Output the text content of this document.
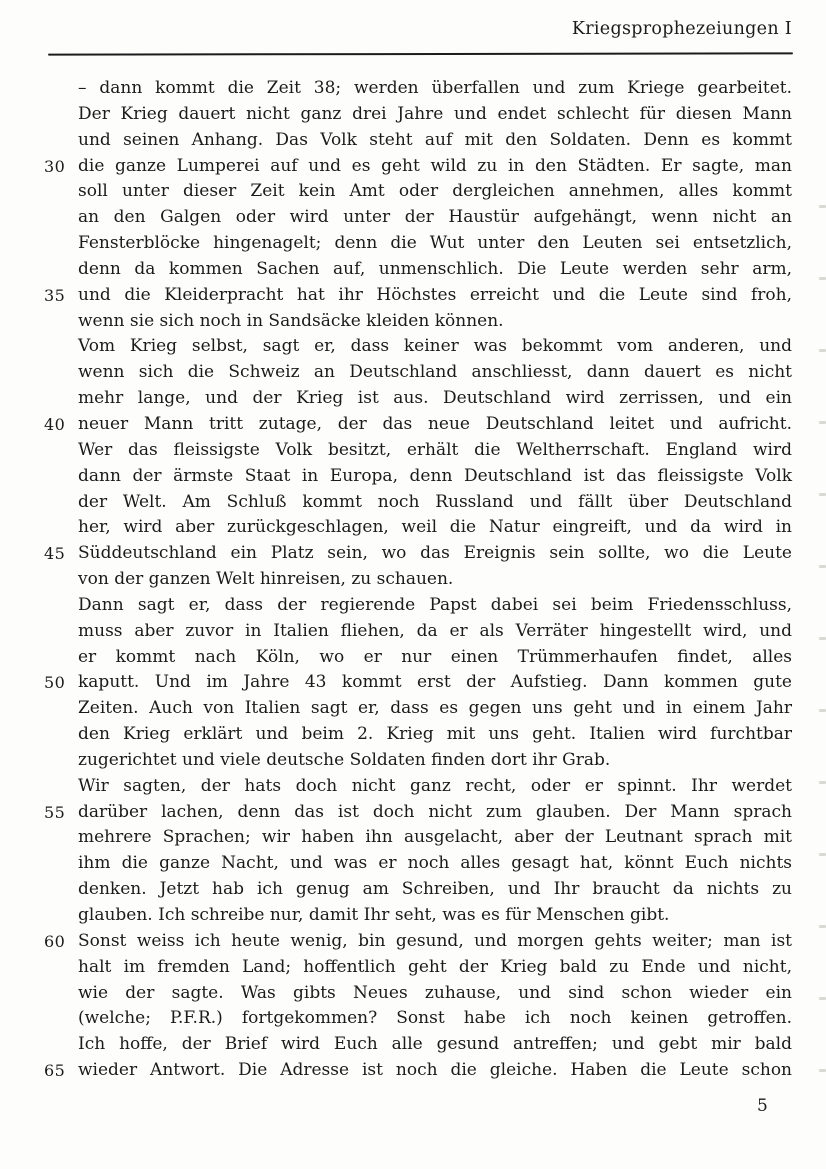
Kriegsprophezeiungen I
– dann kommt die Zeit 38; werden überfallen und zum Kriege gearbeitet.
Der Krieg dauert nicht ganz drei Jahre und endet schlecht für diesen Mann
und seinen Anhang. Das Volk steht auf mit den Soldaten. Denn es kommt
30 die ganze Lumperei auf und es geht wild zu in den Städten. Er sagte, man
soll unter dieser Zeit kein Amt oder dergleichen annehmen, alles kommt
an den Galgen oder wird unter der Haustür aufgehängt, wenn nicht an
Fensterblöcke hingenagelt; denn die Wut unter den Leuten sei entsetzlich,
denn da kommen Sachen auf, unmenschlich. Die Leute werden sehr arm,
35 und die Kleiderpracht hat ihr Höchstes erreicht und die Leute sind froh,
wenn sie sich noch in Sandsäcke kleiden können.
Vom Krieg selbst, sagt er, dass keiner was bekommt vom anderen, und
wenn sich die Schweiz an Deutschland anschliesst, dann dauert es nicht
mehr lange, und der Krieg ist aus. Deutschland wird zerrissen, und ein
40 neuer Mann tritt zutage, der das neue Deutschland leitet und aufricht.
Wer das fleissigste Volk besitzt, erhält die Weltherrschaft. England wird
dann der ärmste Staat in Europa, denn Deutschland ist das fleissigste Volk
der Welt. Am Schluß kommt noch Russland und fällt über Deutschland
her, wird aber zurückgeschlagen, weil die Natur eingreift, und da wird in
45 Süddeutschland ein Platz sein, wo das Ereignis sein sollte, wo die Leute
von der ganzen Welt hinreisen, zu schauen.
Dann sagt er, dass der regierende Papst dabei sei beim Friedensschluss,
muss aber zuvor in Italien fliehen, da er als Verräter hingestellt wird, und
er kommt nach Köln, wo er nur einen Trümmerhaufen findet, alles
50 kaputt. Und im Jahre 43 kommt erst der Aufstieg. Dann kommen gute
Zeiten. Auch von Italien sagt er, dass es gegen uns geht und in einem Jahr
den Krieg erklärt und beim 2. Krieg mit uns geht. Italien wird furchtbar
zugerichtet und viele deutsche Soldaten finden dort ihr Grab.
Wir sagten, der hats doch nicht ganz recht, oder er spinnt. Ihr werdet
55 darüber lachen, denn das ist doch nicht zum glauben. Der Mann sprach
mehrere Sprachen; wir haben ihn ausgelacht, aber der Leutnant sprach mit
ihm die ganze Nacht, und was er noch alles gesagt hat, könnt Euch nichts
denken. Jetzt hab ich genug am Schreiben, und Ihr braucht da nichts zu
glauben. Ich schreibe nur, damit Ihr seht, was es für Menschen gibt.
60 Sonst weiss ich heute wenig, bin gesund, und morgen gehts weiter; man ist
halt im fremden Land; hoffentlich geht der Krieg bald zu Ende und nicht,
wie der sagte. Was gibts Neues zuhause, und sind schon wieder ein
(welche; P.F.R.) fortgekommen? Sonst habe ich noch keinen getroffen.
Ich hoffe, der Brief wird Euch alle gesund antreffen; und gebt mir bald
65 wieder Antwort. Die Adresse ist noch die gleiche. Haben die Leute schon
5
